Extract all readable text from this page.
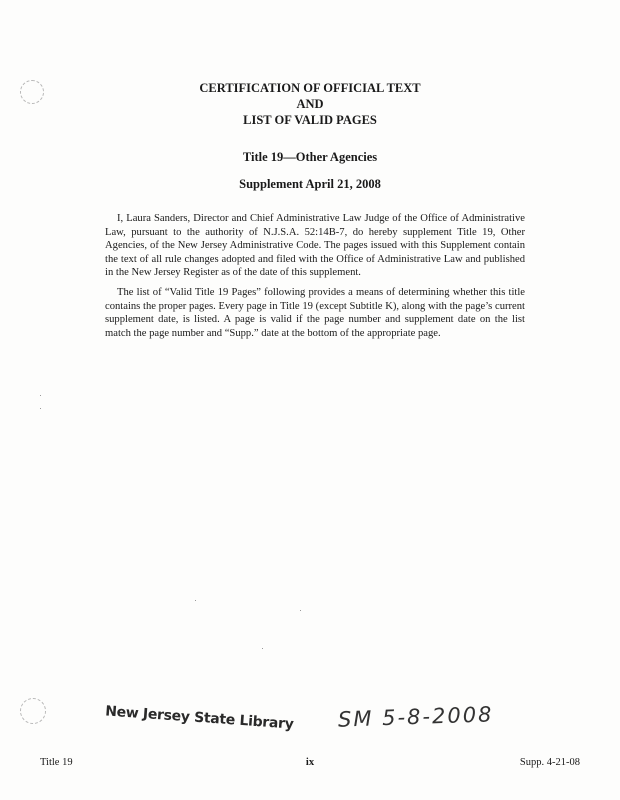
CERTIFICATION OF OFFICIAL TEXT
AND
LIST OF VALID PAGES
Title 19—Other Agencies
Supplement April 21, 2008
I, Laura Sanders, Director and Chief Administrative Law Judge of the Office of Administrative Law, pursuant to the authority of N.J.S.A. 52:14B-7, do hereby supplement Title 19, Other Agencies, of the New Jersey Administrative Code. The pages issued with this Supplement contain the text of all rule changes adopted and filed with the Office of Administrative Law and published in the New Jersey Register as of the date of this supplement.
The list of “Valid Title 19 Pages” following provides a means of determining whether this title contains the proper pages. Every page in Title 19 (except Subtitle K), along with the page’s current supplement date, is listed. A page is valid if the page number and supplement date on the list match the page number and “Supp.” date at the bottom of the appropriate page.
New Jersey State Library SM 5-8-2008
Title 19	ix	Supp. 4-21-08
